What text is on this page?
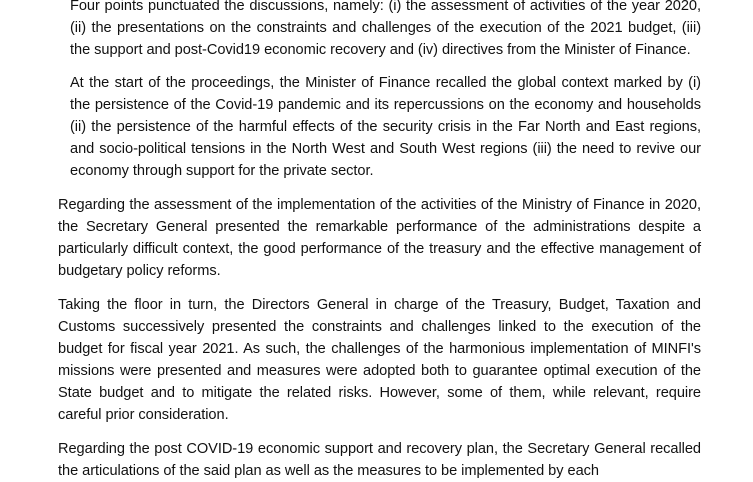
Four points punctuated the discussions, namely: (i) the assessment of activities of the year 2020, (ii) the presentations on the constraints and challenges of the execution of the 2021 budget, (iii) the support and post-Covid19 economic recovery and (iv) directives from the Minister of Finance.

At the start of the proceedings, the Minister of Finance recalled the global context marked by (i) the persistence of the Covid-19 pandemic and its repercussions on the economy and households (ii) the persistence of the harmful effects of the security crisis in the Far North and East regions, and socio-political tensions in the North West and South West regions (iii) the need to revive our economy through support for the private sector.

Regarding the assessment of the implementation of the activities of the Ministry of Finance in 2020, the Secretary General presented the remarkable performance of the administrations despite a particularly difficult context, the good performance of the treasury and the effective management of budgetary policy reforms.

Taking the floor in turn, the Directors General in charge of the Treasury, Budget, Taxation and Customs successively presented the constraints and challenges linked to the execution of the budget for fiscal year 2021. As such, the challenges of the harmonious implementation of MINFI's missions were presented and measures were adopted both to guarantee optimal execution of the State budget and to mitigate the related risks. However, some of them, while relevant, require careful prior consideration.

Regarding the post COVID-19 economic support and recovery plan, the Secretary General recalled the articulations of the said plan as well as the measures to be implemented by each
